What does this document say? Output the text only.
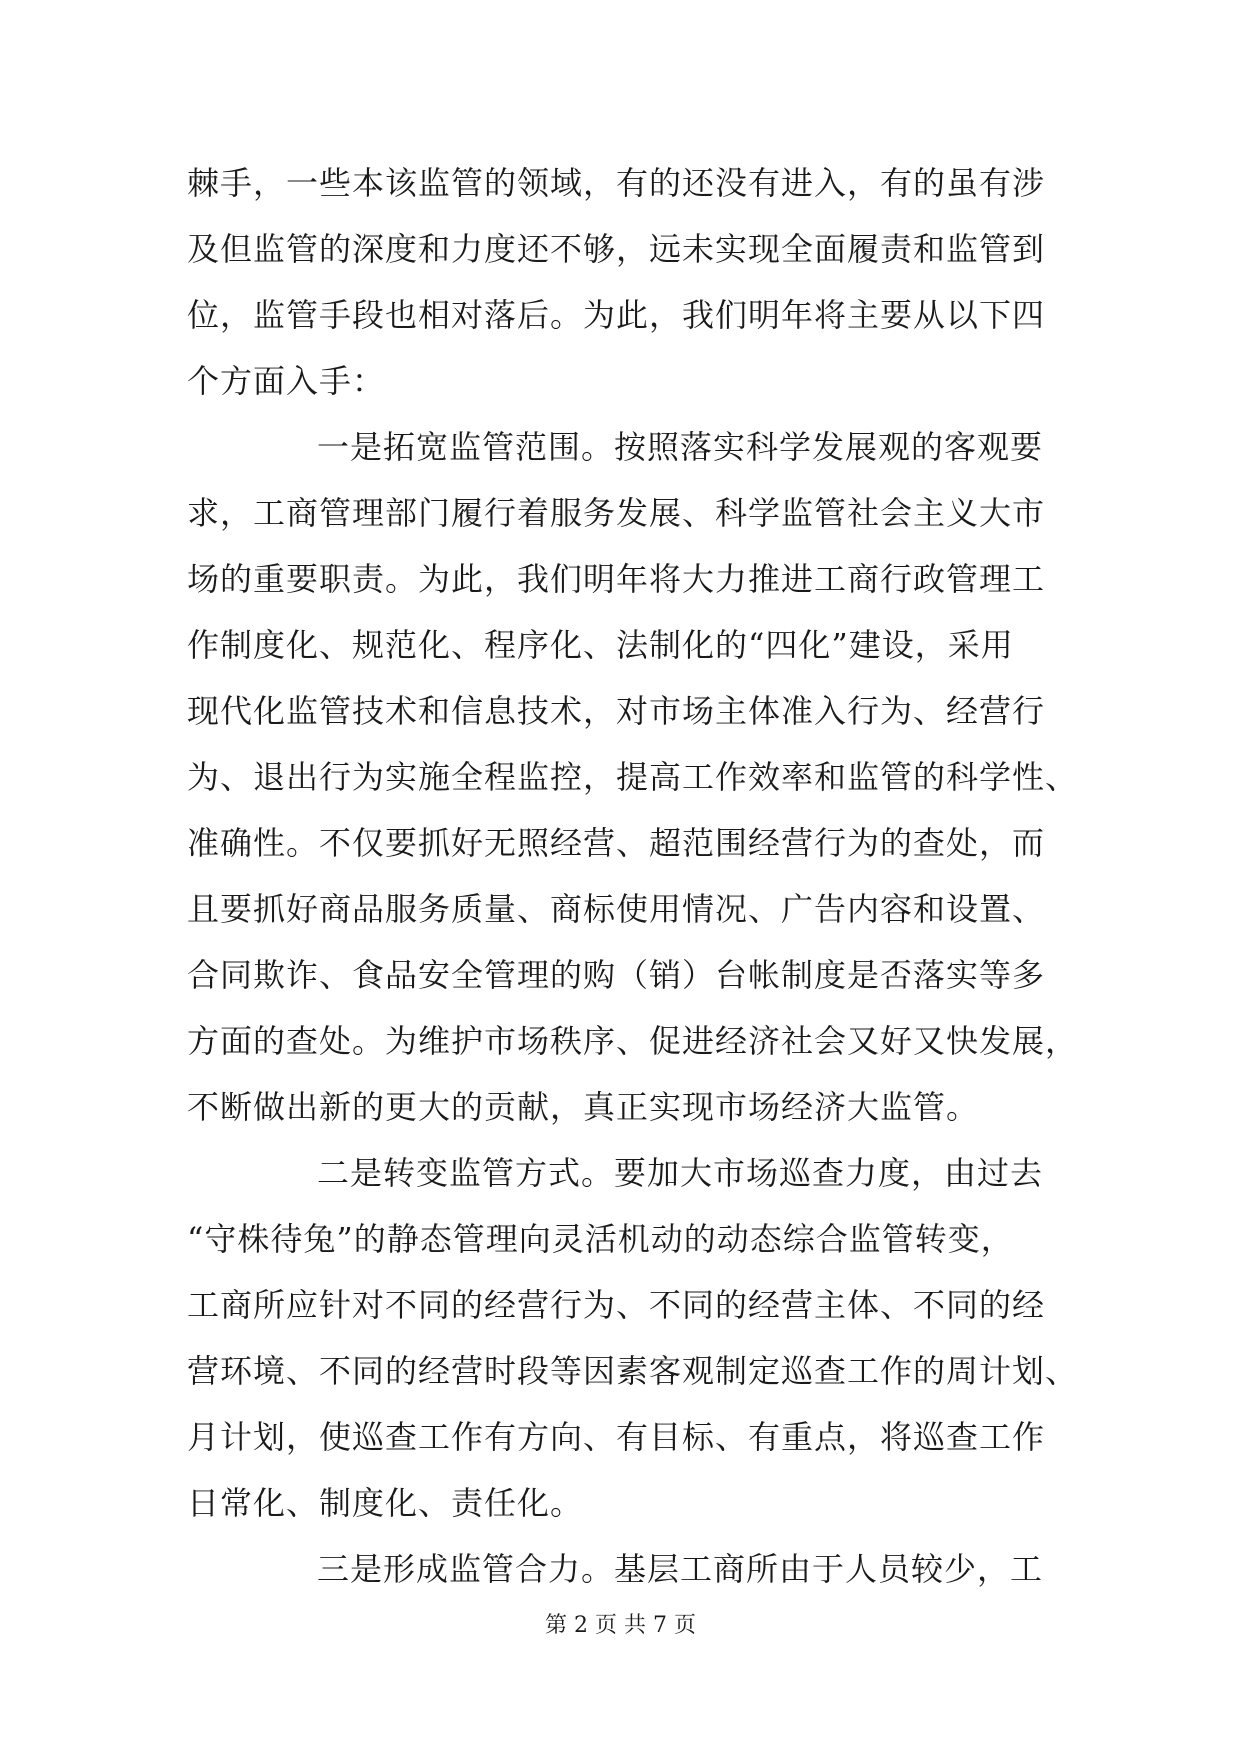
棘手，一些本该监管的领域，有的还没有进入，有的虽有涉
及但监管的深度和力度还不够，远未实现全面履责和监管到
位，监管手段也相对落后。为此，我们明年将主要从以下四
个方面入手：
一是拓宽监管范围。按照落实科学发展观的客观要
求，工商管理部门履行着服务发展、科学监管社会主义大市
场的重要职责。为此，我们明年将大力推进工商行政管理工
作制度化、规范化、程序化、法制化的“四化”建设，采用
现代化监管技术和信息技术，对市场主体准入行为、经营行
为、退出行为实施全程监控，提高工作效率和监管的科学性、
准确性。不仅要抓好无照经营、超范围经营行为的查处，而
且要抓好商品服务质量、商标使用情况、广告内容和设置、
合同欺诈、食品安全管理的购（销）台帐制度是否落实等多
方面的查处。为维护市场秩序、促进经济社会又好又快发展，
不断做出新的更大的贡献，真正实现市场经济大监管。
二是转变监管方式。要加大市场巡查力度，由过去
“守株待兔”的静态管理向灵活机动的动态综合监管转变，
工商所应针对不同的经营行为、不同的经营主体、不同的经
营环境、不同的经营时段等因素客观制定巡查工作的周计划、
月计划，使巡查工作有方向、有目标、有重点，将巡查工作
日常化、制度化、责任化。
三是形成监管合力。基层工商所由于人员较少，工
第 2 页 共 7 页
